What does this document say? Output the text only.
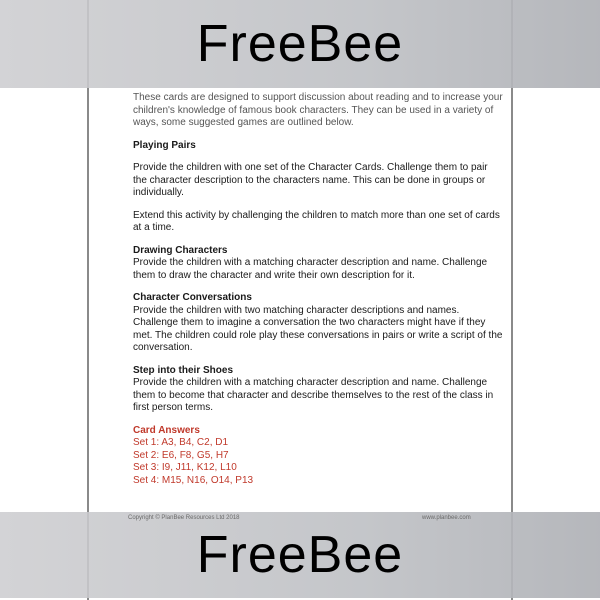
These cards are designed to support discussion about reading and to increase your children's knowledge of famous book characters. They can be used in a variety of ways, some suggested games are outlined below.

Playing Pairs

Provide the children with one set of the Character Cards. Challenge them to pair the character description to the characters name. This can be done in groups or individually.

Extend this activity by challenging the children to match more than one set of cards at a time.

Drawing Characters

Provide the children with a matching character description and name. Challenge them to draw the character and write their own description for it.

Character Conversations

Provide the children with two matching character descriptions and names. Challenge them to imagine a conversation the two characters might have if they met. The children could role play these conversations in pairs or write a script of the conversation.

Step into their Shoes

Provide the children with a matching character description and name. Challenge them to become that character and describe themselves to the rest of the class in first person terms.

Card Answers

Set 1: A3, B4, C2, D1

Set 2: E6, F8, G5, H7

Set 3: I9, J11, K12, L10

Set 4: M15, N16, O14, P13

FreeBee
FreeBee
Copyright © PlanBee Resources Ltd 2018	www.planbee.com
